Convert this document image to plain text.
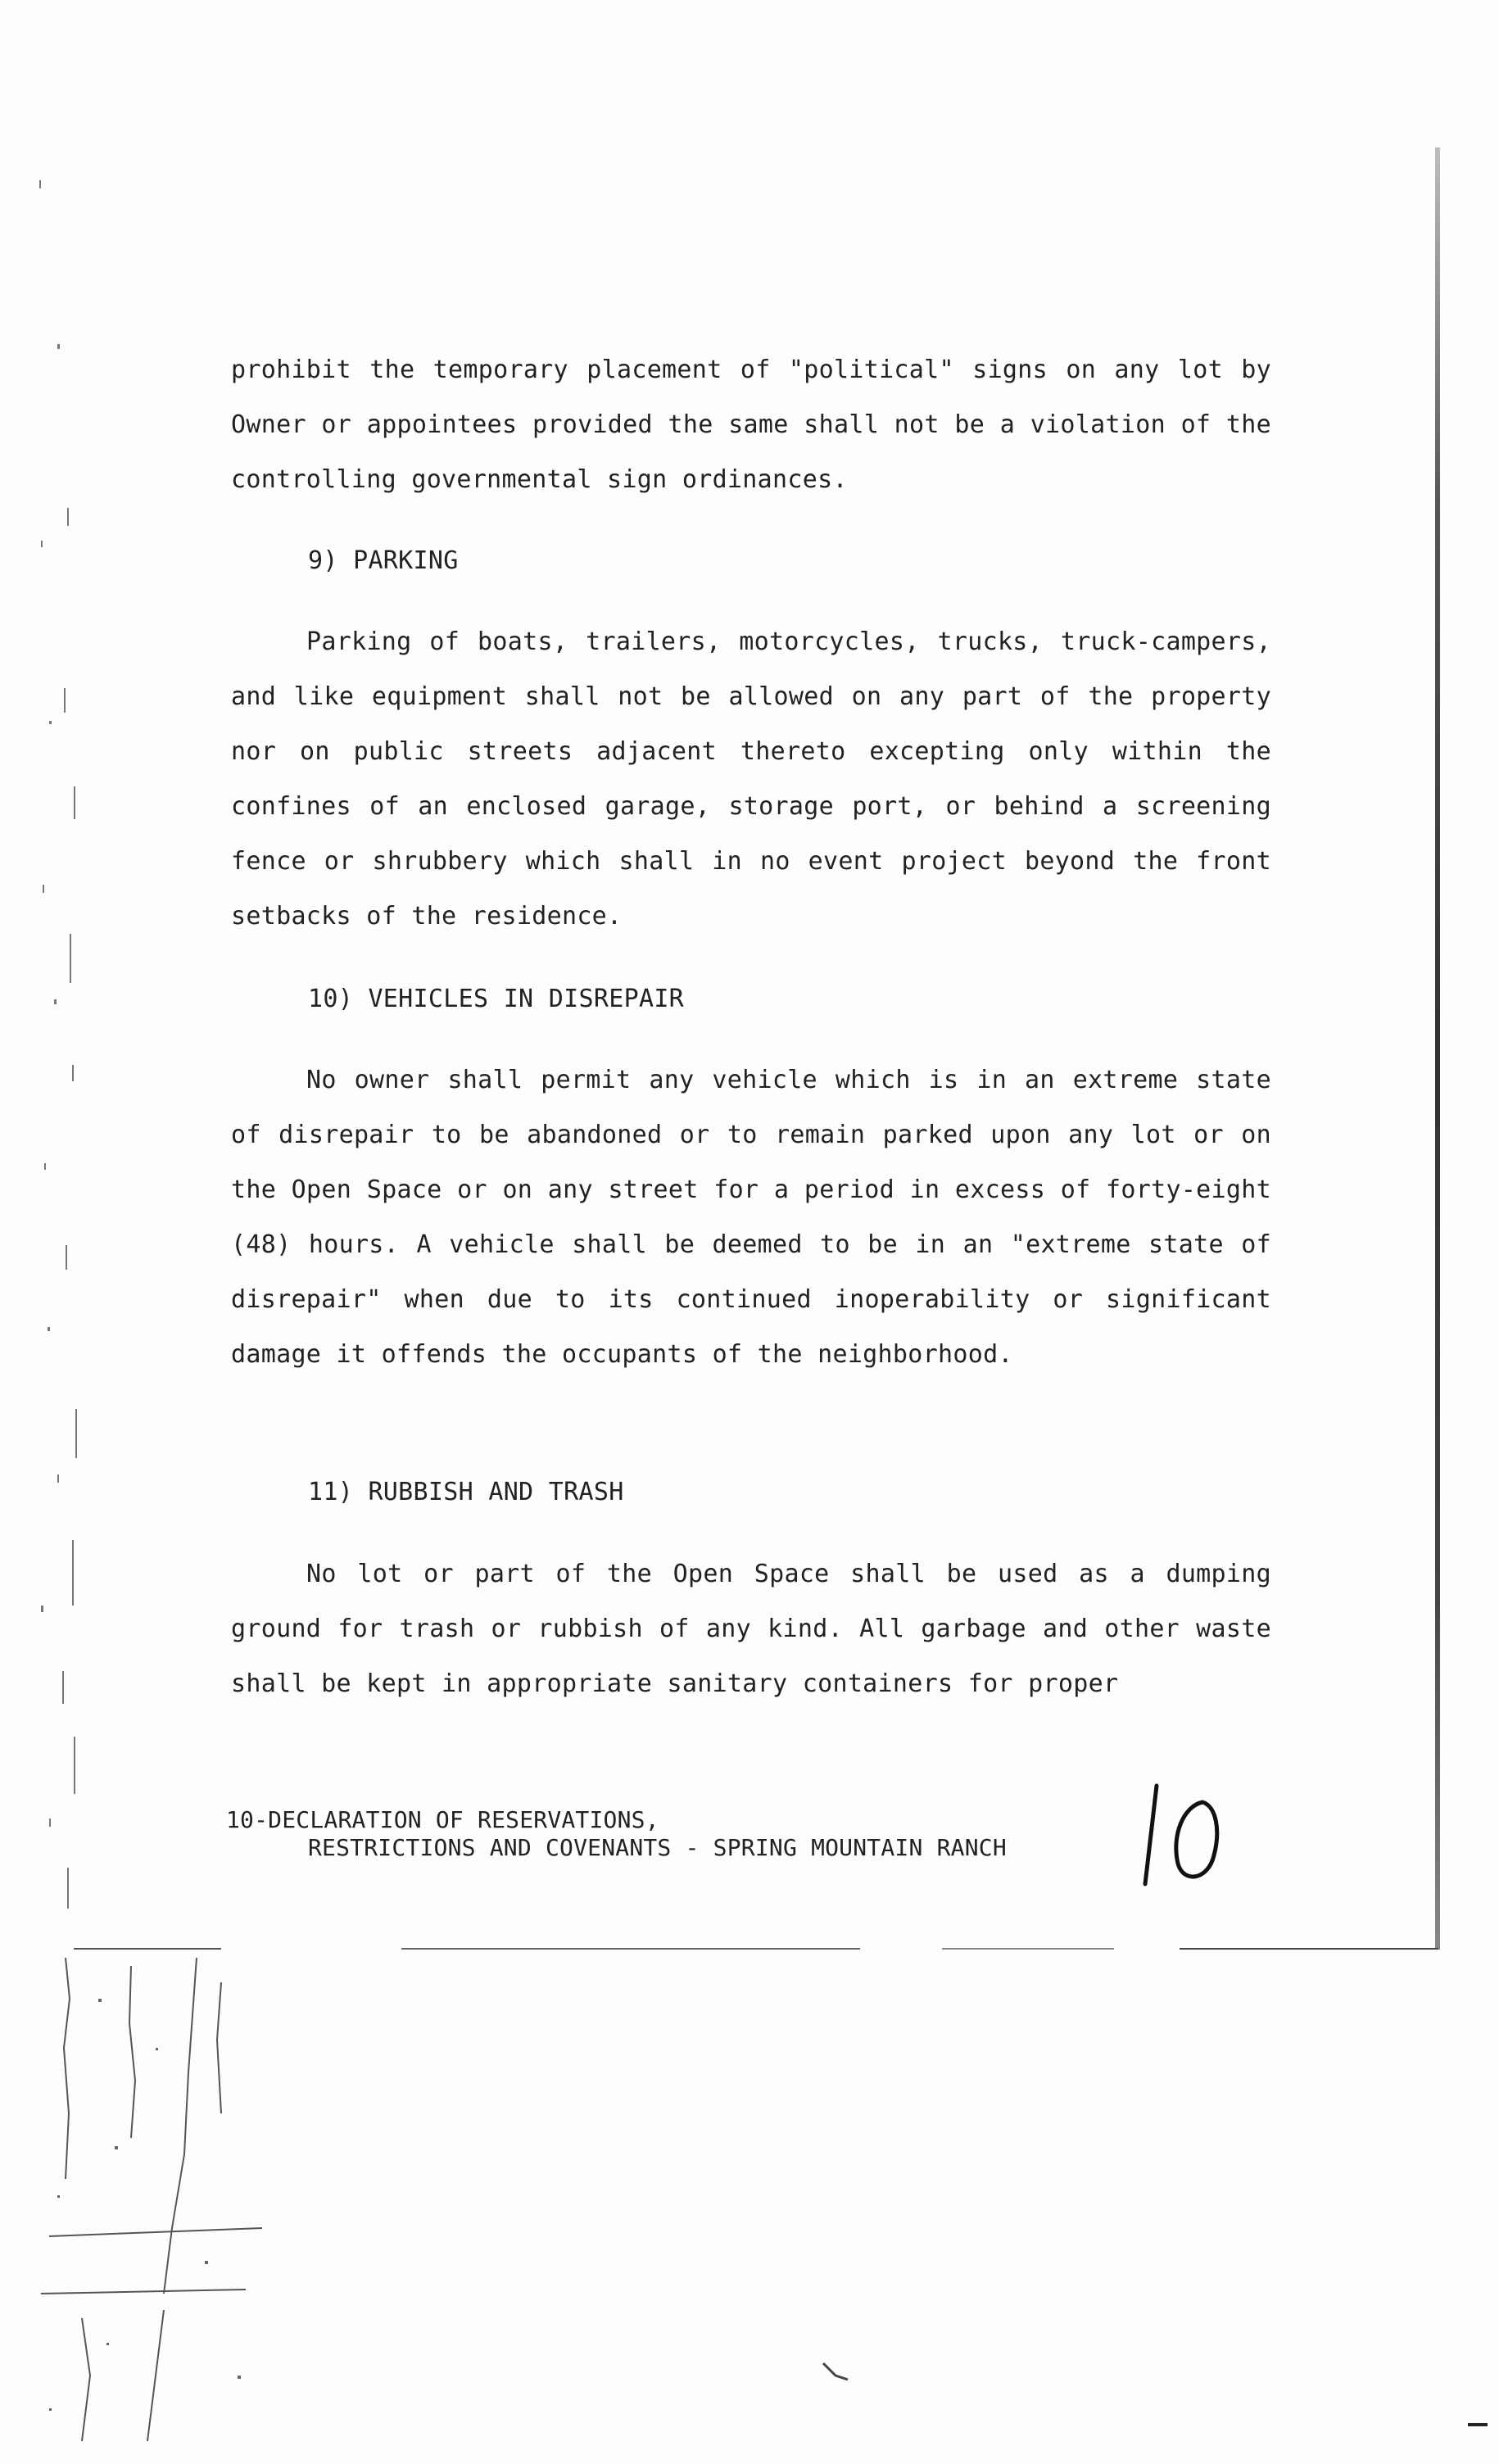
prohibit the temporary placement of "political" signs on any lot by Owner or appointees provided the same shall not be a violation of the controlling governmental sign ordinances.
9) PARKING
Parking of boats, trailers, motorcycles, trucks, truck-campers, and like equipment shall not be allowed on any part of the property nor on public streets adjacent thereto excepting only within the confines of an enclosed garage, storage port, or behind a screening fence or shrubbery which shall in no event project beyond the front setbacks of the residence.
10) VEHICLES IN DISREPAIR
No owner shall permit any vehicle which is in an extreme state of disrepair to be abandoned or to remain parked upon any lot or on the Open Space or on any street for a period in excess of forty-eight (48) hours. A vehicle shall be deemed to be in an "extreme state of disrepair" when due to its continued inoperability or significant damage it offends the occupants of the neighborhood.
11) RUBBISH AND TRASH
No lot or part of the Open Space shall be used as a dumping ground for trash or rubbish of any kind. All garbage and other waste shall be kept in appropriate sanitary containers for proper
10-DECLARATION OF RESERVATIONS,
RESTRICTIONS AND COVENANTS - SPRING MOUNTAIN RANCH
